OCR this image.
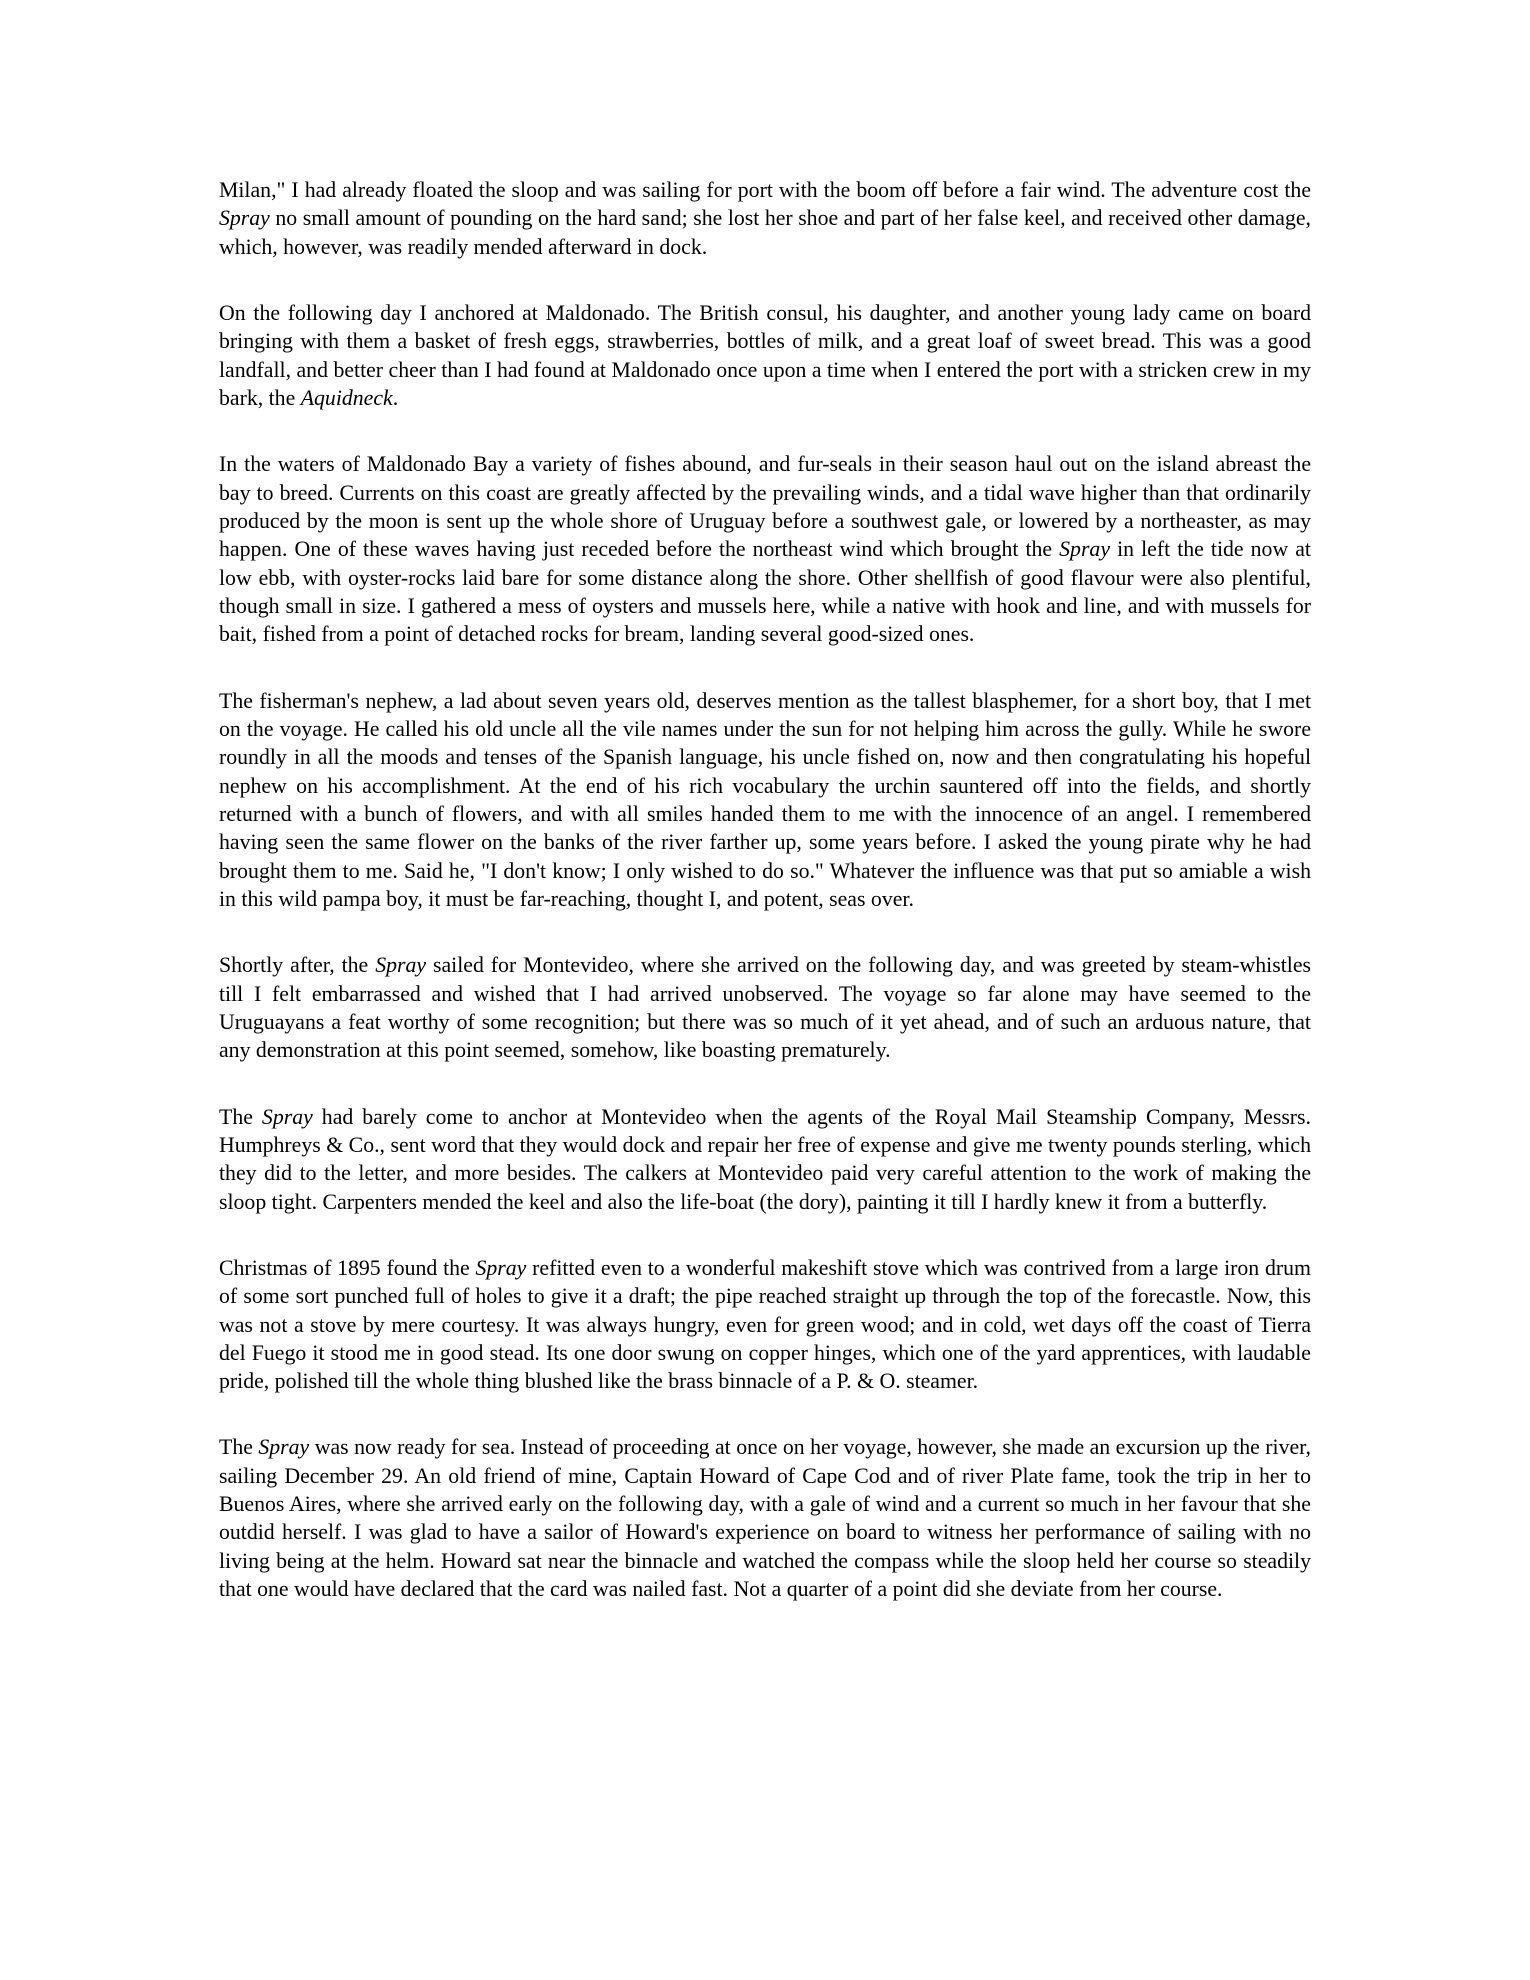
Milan," I had already floated the sloop and was sailing for port with the boom off before a fair wind. The adventure cost the Spray no small amount of pounding on the hard sand; she lost her shoe and part of her false keel, and received other damage, which, however, was readily mended afterward in dock.

On the following day I anchored at Maldonado. The British consul, his daughter, and another young lady came on board bringing with them a basket of fresh eggs, strawberries, bottles of milk, and a great loaf of sweet bread. This was a good landfall, and better cheer than I had found at Maldonado once upon a time when I entered the port with a stricken crew in my bark, the Aquidneck.

In the waters of Maldonado Bay a variety of fishes abound, and fur-seals in their season haul out on the island abreast the bay to breed. Currents on this coast are greatly affected by the prevailing winds, and a tidal wave higher than that ordinarily produced by the moon is sent up the whole shore of Uruguay before a southwest gale, or lowered by a northeaster, as may happen. One of these waves having just receded before the northeast wind which brought the Spray in left the tide now at low ebb, with oyster-rocks laid bare for some distance along the shore. Other shellfish of good flavour were also plentiful, though small in size. I gathered a mess of oysters and mussels here, while a native with hook and line, and with mussels for bait, fished from a point of detached rocks for bream, landing several good-sized ones.

The fisherman's nephew, a lad about seven years old, deserves mention as the tallest blasphemer, for a short boy, that I met on the voyage. He called his old uncle all the vile names under the sun for not helping him across the gully. While he swore roundly in all the moods and tenses of the Spanish language, his uncle fished on, now and then congratulating his hopeful nephew on his accomplishment. At the end of his rich vocabulary the urchin sauntered off into the fields, and shortly returned with a bunch of flowers, and with all smiles handed them to me with the innocence of an angel. I remembered having seen the same flower on the banks of the river farther up, some years before. I asked the young pirate why he had brought them to me. Said he, "I don't know; I only wished to do so." Whatever the influence was that put so amiable a wish in this wild pampa boy, it must be far-reaching, thought I, and potent, seas over.

Shortly after, the Spray sailed for Montevideo, where she arrived on the following day, and was greeted by steam-whistles till I felt embarrassed and wished that I had arrived unobserved. The voyage so far alone may have seemed to the Uruguayans a feat worthy of some recognition; but there was so much of it yet ahead, and of such an arduous nature, that any demonstration at this point seemed, somehow, like boasting prematurely.

The Spray had barely come to anchor at Montevideo when the agents of the Royal Mail Steamship Company, Messrs. Humphreys & Co., sent word that they would dock and repair her free of expense and give me twenty pounds sterling, which they did to the letter, and more besides. The calkers at Montevideo paid very careful attention to the work of making the sloop tight. Carpenters mended the keel and also the life-boat (the dory), painting it till I hardly knew it from a butterfly.

Christmas of 1895 found the Spray refitted even to a wonderful makeshift stove which was contrived from a large iron drum of some sort punched full of holes to give it a draft; the pipe reached straight up through the top of the forecastle. Now, this was not a stove by mere courtesy. It was always hungry, even for green wood; and in cold, wet days off the coast of Tierra del Fuego it stood me in good stead. Its one door swung on copper hinges, which one of the yard apprentices, with laudable pride, polished till the whole thing blushed like the brass binnacle of a P. & O. steamer.

The Spray was now ready for sea. Instead of proceeding at once on her voyage, however, she made an excursion up the river, sailing December 29. An old friend of mine, Captain Howard of Cape Cod and of river Plate fame, took the trip in her to Buenos Aires, where she arrived early on the following day, with a gale of wind and a current so much in her favour that she outdid herself. I was glad to have a sailor of Howard's experience on board to witness her performance of sailing with no living being at the helm. Howard sat near the binnacle and watched the compass while the sloop held her course so steadily that one would have declared that the card was nailed fast. Not a quarter of a point did she deviate from her course.
